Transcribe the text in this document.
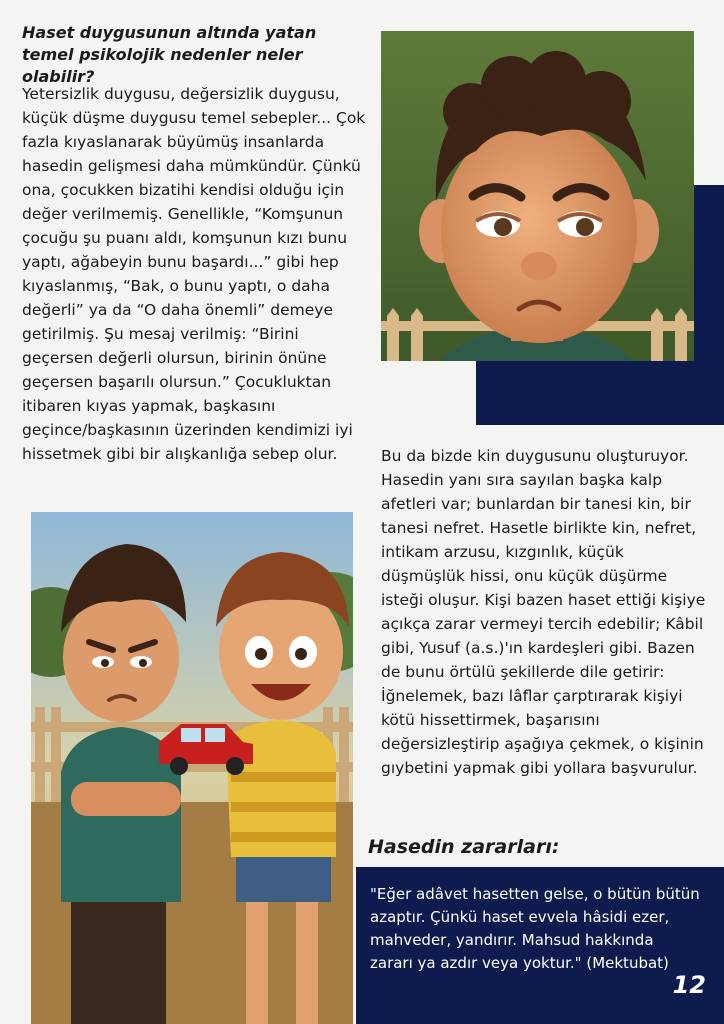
Haset duygusunun altında yatan temel psikolojik nedenler neler olabilir?

Yetersizlik duygusu, değersizlik duygusu, küçük düşme duygusu temel sebepler... Çok fazla kıyaslanarak büyümüş insanlarda hasedin gelişmesi daha mümkündür. Çünkü ona, çocukken bizatihi kendisi olduğu için değer verilmemiş. Genellikle, “Komşunun çocuğu şu puanı aldı, komşunun kızı bunu yaptı, ağabeyin bunu başardı...” gibi hep kıyaslanmış, “Bak, o bunu yaptı, o daha değerli” ya da “O daha önemli” demeye getirilmiş. Şu mesaj verilmiş: “Birini geçersen değerli olursun, birinin önüne geçersen başarılı olursun.” Çocukluktan itibaren kıyas yapmak, başkasını geçince/başkasının üzerinden kendimizi iyi hissetmek gibi bir alışkanlığa sebep olur.	Bu da bizde kin duygusunu oluşturuyor. Hasedin yanı sıra sayılan başka kalp afetleri var; bunlardan bir tanesi kin, bir tanesi nefret. Hasetle birlikte kin, nefret, intikam arzusu, kızgınlık, küçük düşmüşlük hissi, onu küçük düşürme isteği oluşur. Kişi bazen haset ettiği kişiye açıkça zarar vermeyi tercih edebilir; Kâbil gibi, Yusuf (a.s.)'ın kardeşleri gibi. Bazen de bunu örtülü şekillerde dile getirir: İğnelemek, bazı lâflar çarptırarak kişiyi kötü hissettirmek, başarısını değersizleştirip aşağıya çekmek, o kişinin gıybetini yapmak gibi yollara başvurulur.

Hasedin zararları:

"Eğer adâvet hasetten gelse, o bütün bütün azaptır. Çünkü haset evvela hâsidi ezer, mahveder, yandırır. Mahsud hakkında zararı ya azdır veya yoktur." (Mektubat)

12
